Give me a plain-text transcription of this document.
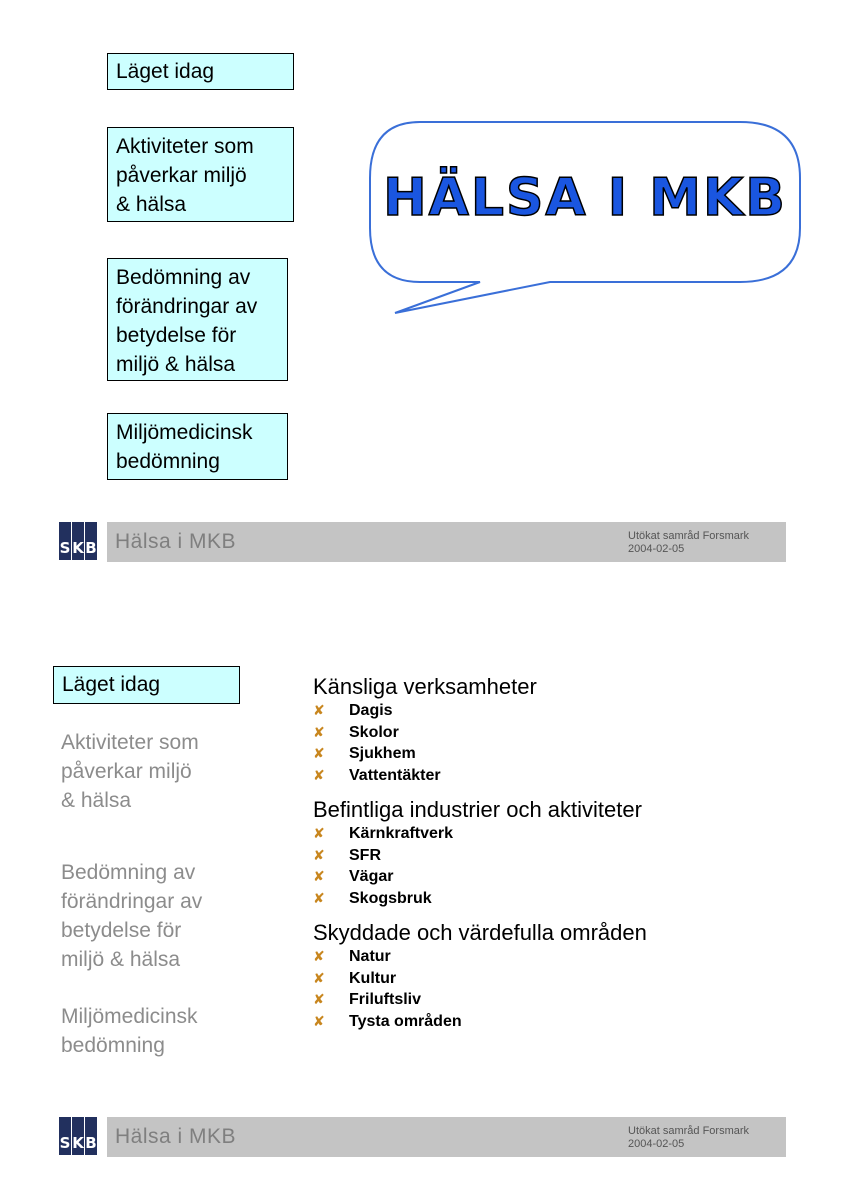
Läget idag
Aktiviteter som
påverkar miljö
& hälsa
Bedömning av
förändringar av
betydelse för
miljö & hälsa
Miljömedicinsk
bedömning
HÄLSA I MKB
S K B Hälsa i MKB	Utökat samråd Forsmark
2004-02-05
Läget idag
Aktiviteter som
påverkar miljö
& hälsa
Bedömning av
förändringar av
betydelse för
miljö & hälsa
Miljömedicinsk
bedömning
Känsliga verksamheter
✘	Dagis
✘	Skolor
✘	Sjukhem
✘	Vattentäkter
Befintliga industrier och aktiviteter
✘	Kärnkraftverk
✘	SFR
✘	Vägar
✘	Skogsbruk
Skyddade och värdefulla områden
✘	Natur
✘	Kultur
✘	Friluftsliv
✘	Tysta områden
S K B Hälsa i MKB	Utökat samråd Forsmark
2004-02-05
